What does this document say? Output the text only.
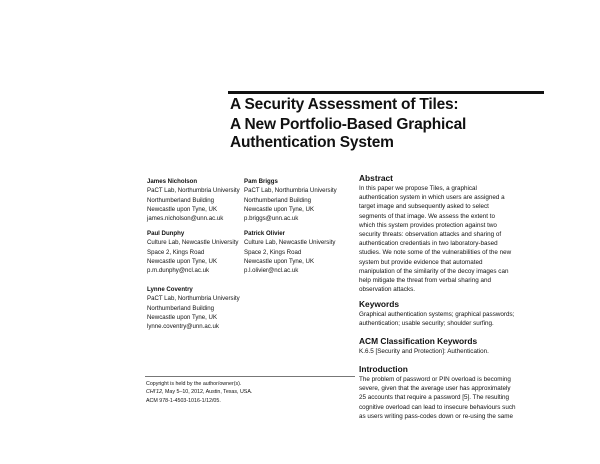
A Security Assessment of Tiles:
A New Portfolio-Based Graphical
Authentication System
James Nicholson
PaCT Lab, Northumbria University
Northumberland Building
Newcastle upon Tyne, UK
james.nicholson@unn.ac.uk
Pam Briggs
PaCT Lab, Northumbria University
Northumberland Building
Newcastle upon Tyne, UK
p.briggs@unn.ac.uk
Paul Dunphy
Culture Lab, Newcastle University
Space 2, Kings Road
Newcastle upon Tyne, UK
p.m.dunphy@ncl.ac.uk
Patrick Olivier
Culture Lab, Newcastle University
Space 2, Kings Road
Newcastle upon Tyne, UK
p.l.olivier@ncl.ac.uk
Lynne Coventry
PaCT Lab, Northumbria University
Northumberland Building
Newcastle upon Tyne, UK
lynne.coventry@unn.ac.uk
Abstract
In this paper we propose Tiles, a graphical
authentication system in which users are assigned a
target image and subsequently asked to select
segments of that image. We assess the extent to
which this system provides protection against two
security threats: observation attacks and sharing of
authentication credentials in two laboratory-based
studies. We note some of the vulnerabilities of the new
system but provide evidence that automated
manipulation of the similarity of the decoy images can
help mitigate the threat from verbal sharing and
observation attacks.
Keywords
Graphical authentication systems; graphical passwords;
authentication; usable security; shoulder surfing.
ACM Classification Keywords
K.6.5 [Security and Protection]: Authentication.
Introduction
The problem of password or PIN overload is becoming
severe, given that the average user has approximately
25 accounts that require a password [5]. The resulting
cognitive overload can lead to insecure behaviours such
as users writing pass-codes down or re-using the same
Copyright is held by the author/owner(s).
CHI'12, May 5–10, 2012, Austin, Texas, USA.
ACM 978-1-4503-1016-1/12/05.
